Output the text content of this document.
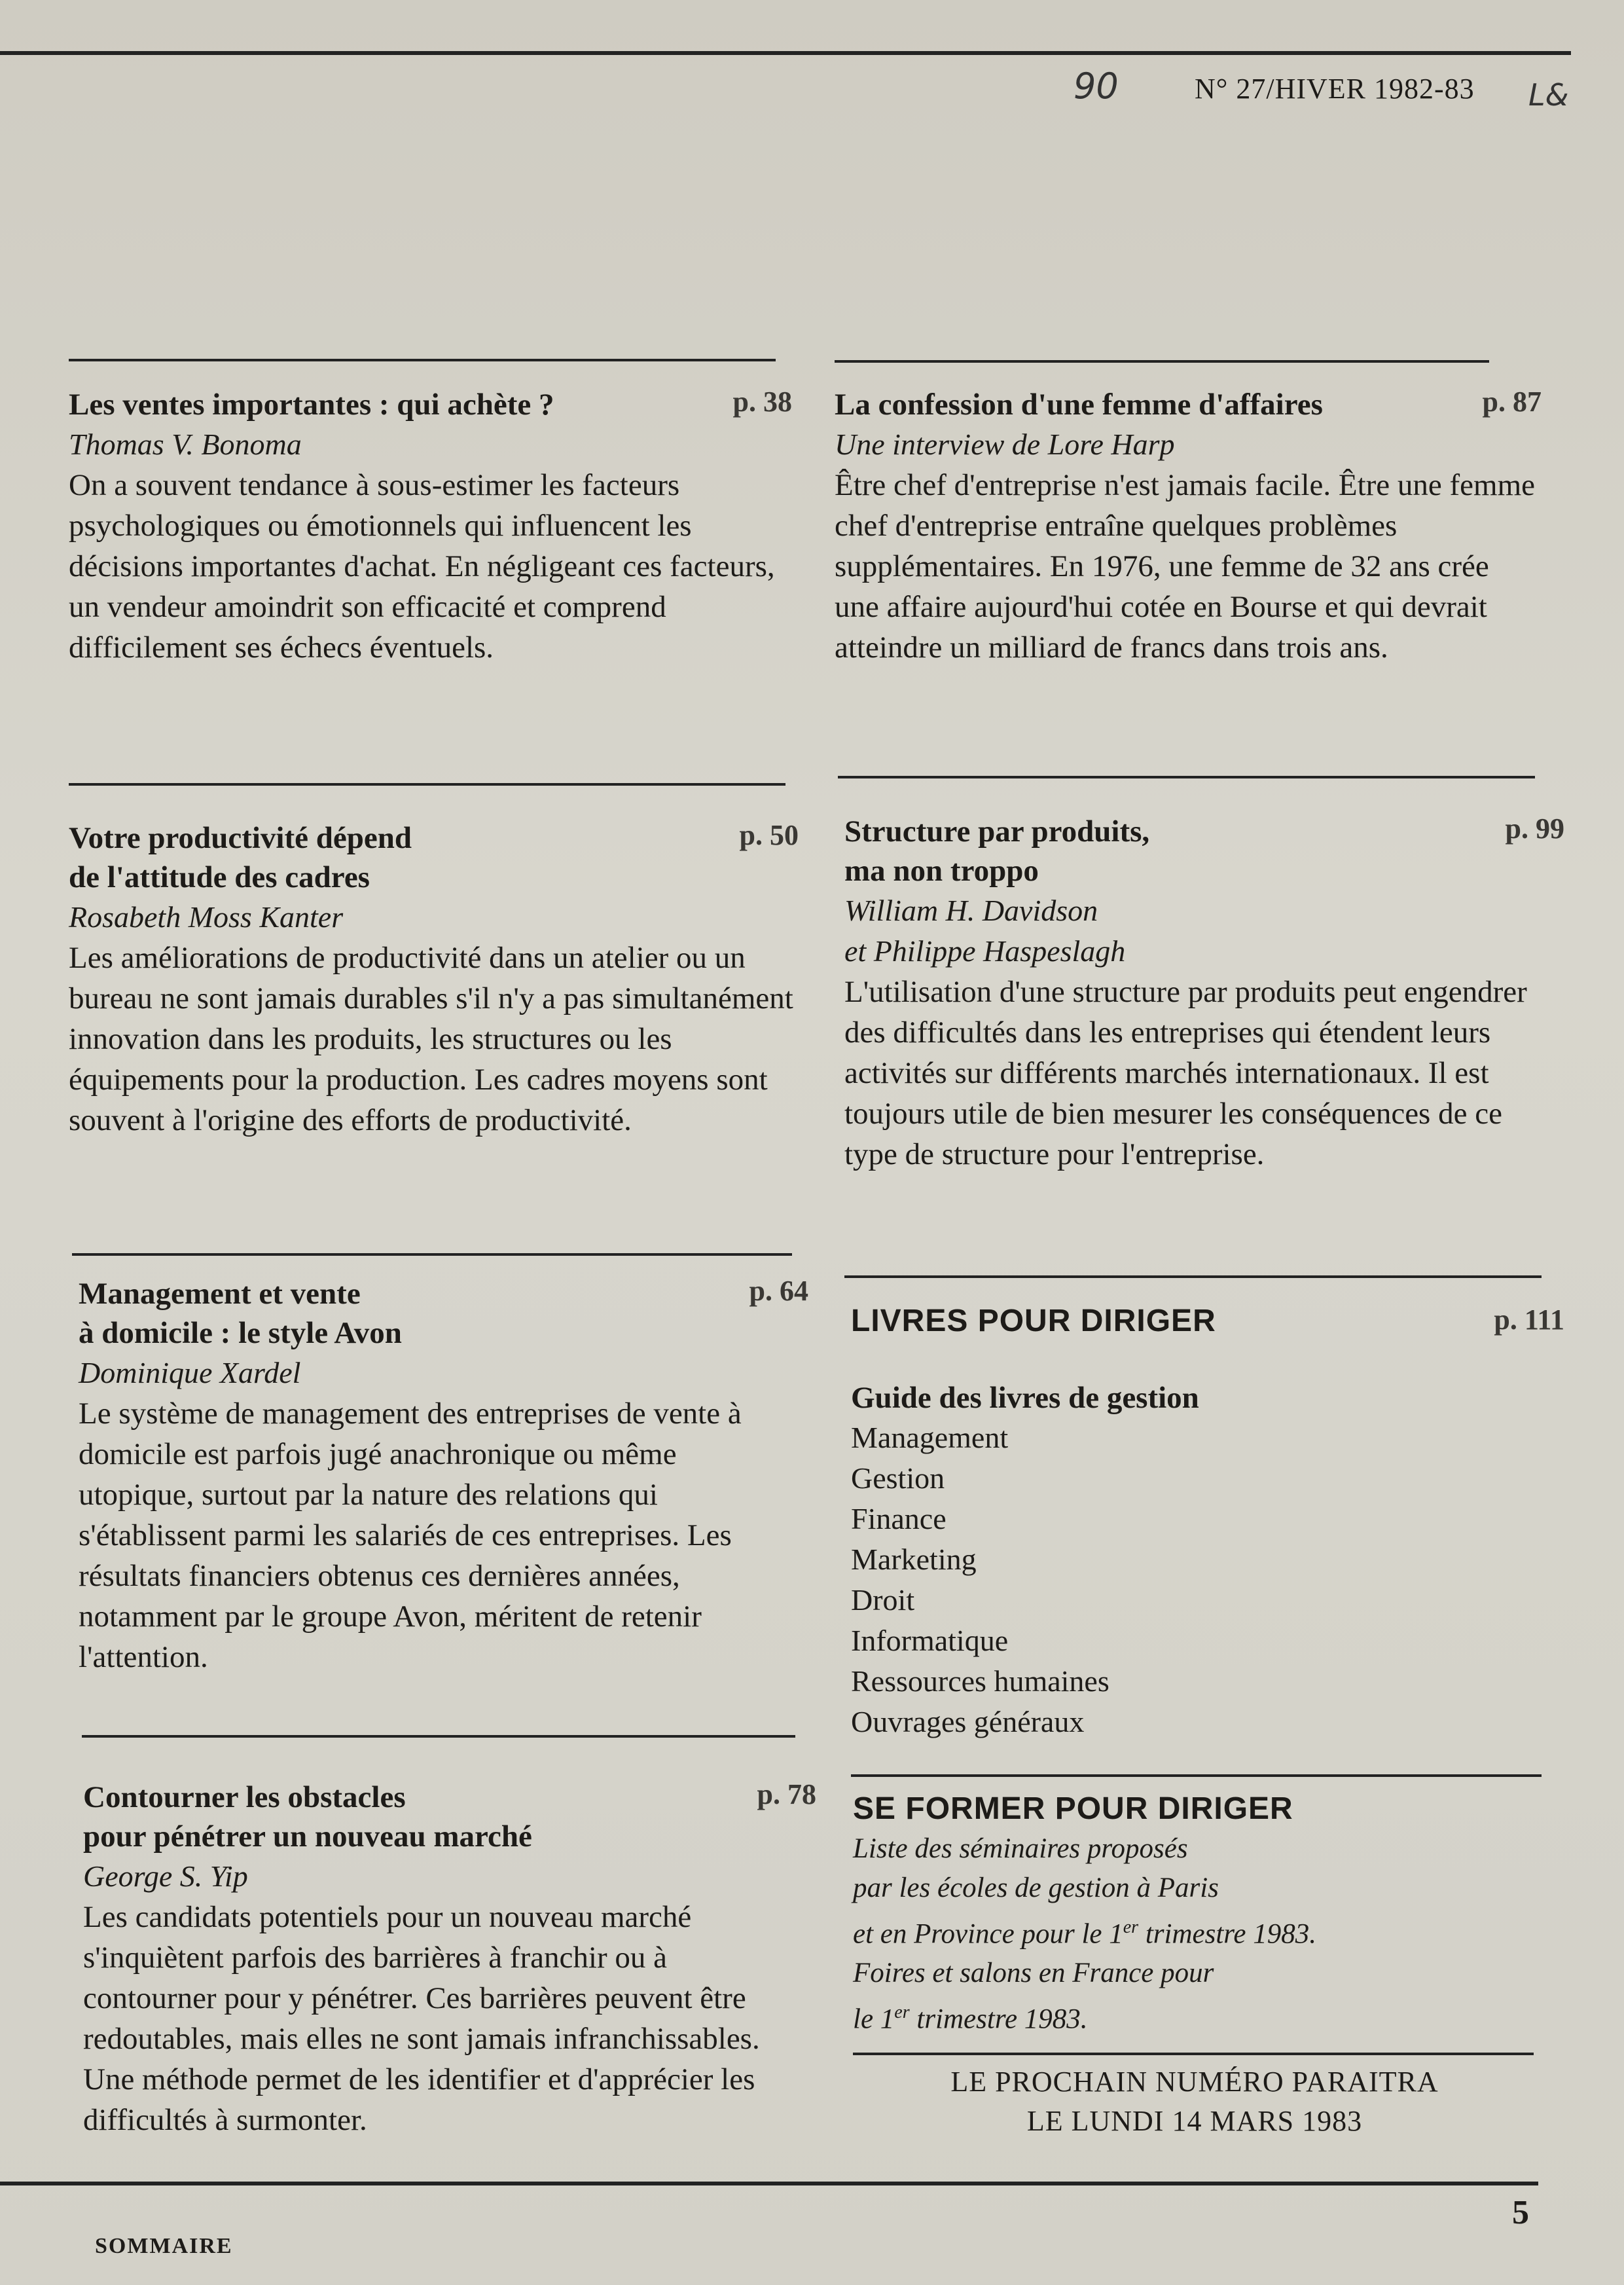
90	N° 27/HIVER 1982-83 L&
Les ventes importantes : qui achète ?	p. 38
Thomas V. Bonoma
On a souvent tendance à sous-estimer les facteurs psychologiques ou émotionnels qui influencent les décisions importantes d'achat. En négligeant ces facteurs, un vendeur amoindrit son efficacité et comprend difficilement ses échecs éventuels.
Votre productivité dépend
de l'attitude des cadres
p. 50
Rosabeth Moss Kanter
Les améliorations de productivité dans un atelier ou un bureau ne sont jamais durables s'il n'y a pas simultanément innovation dans les produits, les structures ou les équipements pour la production. Les cadres moyens sont souvent à l'origine des efforts de productivité.
Management et vente
à domicile : le style Avon
p. 64
Dominique Xardel
Le système de management des entreprises de vente à domicile est parfois jugé anachronique ou même utopique, surtout par la nature des relations qui s'établissent parmi les salariés de ces entreprises. Les résultats financiers obtenus ces dernières années, notamment par le groupe Avon, méritent de retenir l'attention.
Contourner les obstacles
pour pénétrer un nouveau marché
p. 78
George S. Yip
Les candidats potentiels pour un nouveau marché s'inquiètent parfois des barrières à franchir ou à contourner pour y pénétrer. Ces barrières peuvent être redoutables, mais elles ne sont jamais infranchissables. Une méthode permet de les identifier et d'apprécier les difficultés à surmonter.
La confession d'une femme d'affaires	p. 87
Une interview de Lore Harp
Être chef d'entreprise n'est jamais facile. Être une femme chef d'entreprise entraîne quelques problèmes supplémentaires. En 1976, une femme de 32 ans crée une affaire aujourd'hui cotée en Bourse et qui devrait atteindre un milliard de francs dans trois ans.
Structure par produits,
ma non troppo
p. 99
William H. Davidson
et Philippe Haspeslagh
L'utilisation d'une structure par produits peut engendrer des difficultés dans les entreprises qui étendent leurs activités sur différents marchés internationaux. Il est toujours utile de bien mesurer les conséquences de ce type de structure pour l'entreprise.
LIVRES POUR DIRIGER	p. 111
Guide des livres de gestion
Management
Gestion
Finance
Marketing
Droit
Informatique
Ressources humaines
Ouvrages généraux
SE FORMER POUR DIRIGER
Liste des séminaires proposés
par les écoles de gestion à Paris
et en Province pour le 1er trimestre 1983.
Foires et salons en France pour
le 1er trimestre 1983.
LE PROCHAIN NUMÉRO PARAITRA
LE LUNDI 14 MARS 1983
SOMMAIRE
5
